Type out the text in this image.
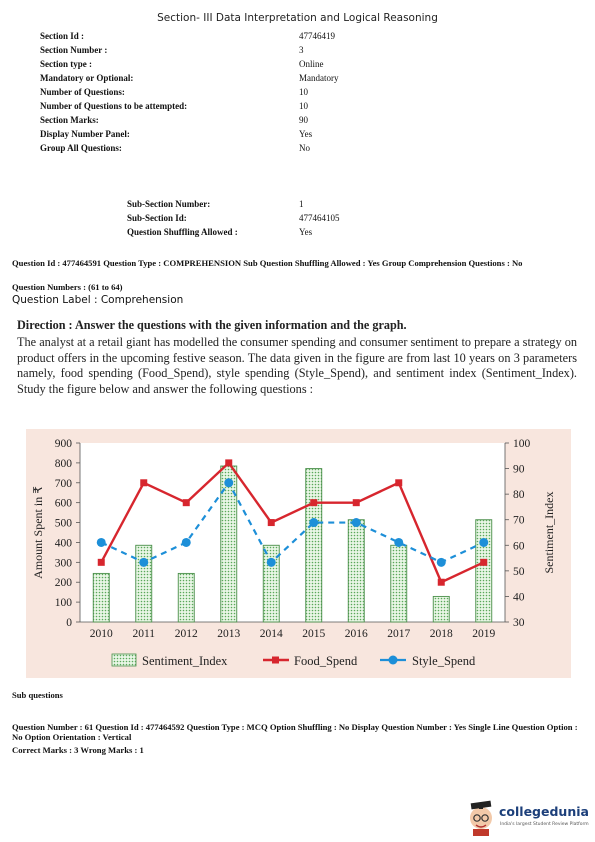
Section- III Data Interpretation and Logical Reasoning
Section Id :	47746419
Section Number :	3
Section type :	Online
Mandatory or Optional:	Mandatory
Number of Questions:	10
Number of Questions to be attempted:	10
Section Marks:	90
Display Number Panel:	Yes
Group All Questions:	No
Sub-Section Number:	1
Sub-Section Id:	477464105
Question Shuffling Allowed :	Yes
Question Id : 477464591 Question Type : COMPREHENSION Sub Question Shuffling Allowed : Yes Group Comprehension Questions : No
Question Numbers : (61 to 64)
Question Label : Comprehension
Direction : Answer the questions with the given information and the graph.
The analyst at a retail giant has modelled the consumer spending and consumer sentiment to prepare a strategy on product offers in the upcoming festive season. The data given in the figure are from last 10 years on 3 parameters namely, food spending (Food_Spend), style spending (Style_Spend), and sentiment index (Sentiment_Index). Study the figure below and answer the following questions :
0
100
200
300
400
500
600
700
800
900
30
40
50
60
70
80
90
100
2010 2011 2012 2013 2014 2015 2016 2017 2018 2019
Amount Spent in ₹	Sentiment_Index
Sentiment_Index	Food_Spend	Style_Spend
Sub questions
Question Number : 61 Question Id : 477464592 Question Type : MCQ Option Shuffling : No Display Question Number : Yes Single Line Question Option : No Option Orientation : Vertical
Correct Marks : 3 Wrong Marks : 1
collegedunia
India's largest Student Review Platform
